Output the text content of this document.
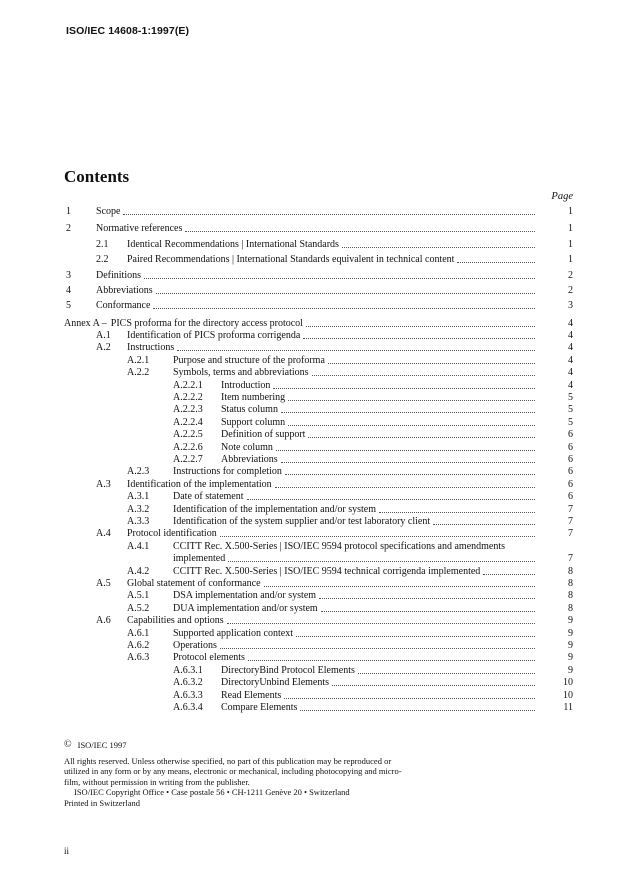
ISO/IEC 14608-1:1997(E)
Contents
Page
1	Scope	1
2	Normative references	1
2.1 Identical Recommendations | International Standards	1
2.2 Paired Recommendations | International Standards equivalent in technical content	1
3	Definitions	2
4	Abbreviations	2
5	Conformance	3
Annex A – PICS proforma for the directory access protocol	4
A.1 Identification of PICS proforma corrigenda	4
A.2 Instructions	4
A.2.1 Purpose and structure of the proforma	4
A.2.2 Symbols, terms and abbreviations	4
A.2.2.1 Introduction	4
A.2.2.2 Item numbering	5
A.2.2.3 Status column	5
A.2.2.4 Support column	5
A.2.2.5 Definition of support	6
A.2.2.6 Note column	6
A.2.2.7 Abbreviations	6
A.2.3 Instructions for completion	6
A.3 Identification of the implementation	6
A.3.1 Date of statement	6
A.3.2 Identification of the implementation and/or system	7
A.3.3 Identification of the system supplier and/or test laboratory client	7
A.4 Protocol identification	7
A.4.1 CCITT Rec. X.500-Series | ISO/IEC 9594 protocol specifications and amendments
implemented	7
A.4.2 CCITT Rec. X.500-Series | ISO/IEC 9594 technical corrigenda implemented	8
A.5 Global statement of conformance	8
A.5.1 DSA implementation and/or system	8
A.5.2 DUA implementation and/or system	8
A.6 Capabilities and options	9
A.6.1 Supported application context	9
A.6.2 Operations	9
A.6.3 Protocol elements	9
A.6.3.1 DirectoryBind Protocol Elements	9
A.6.3.2 DirectoryUnbind Elements	10
A.6.3.3 Read Elements	10
A.6.3.4 Compare Elements	11

© ISO/IEC 1997

All rights reserved. Unless otherwise specified, no part of this publication may be reproduced or

utilized in any form or by any means, electronic or mechanical, including photocopying and micro-

film, without permission in writing from the publisher.

ISO/IEC Copyright Office • Case postale 56 • CH-1211 Genève 20 • Switzerland

Printed in Switzerland

ii
